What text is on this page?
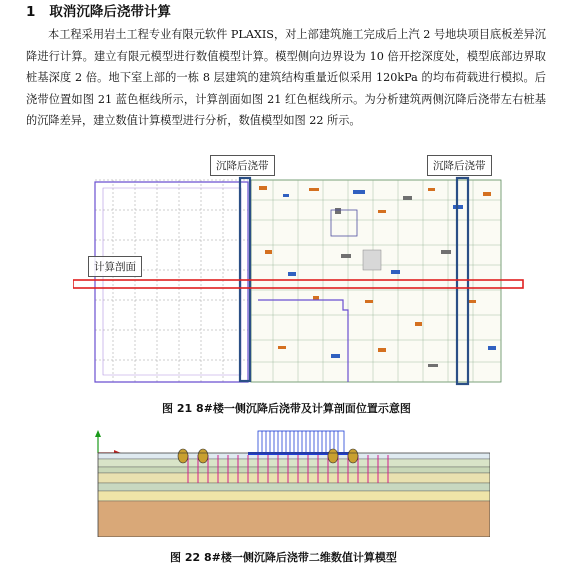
1 取消沉降后浇带计算
本工程采用岩土工程专业有限元软件 PLAXIS，对上部建筑施工完成后上汽 2 号地块项目底板差异沉降进行计算。建立有限元模型进行数值模型计算。模型侧向边界设为 10 倍开挖深度处，模型底部边界取桩基深度 2 倍。地下室上部的一栋 8 层建筑的建筑结构重量近似采用 120kPa 的均布荷载进行模拟。后浇带位置如图 21 蓝色框线所示，计算剖面如图 21 红色框线所示。为分析建筑两侧沉降后浇带左右桩基的沉降差异，建立数值计算模型进行分析，数值模型如图 22 所示。
沉降后浇带	沉降后浇带
计算剖面
图 21 8#楼一侧沉降后浇带及计算剖面位置示意图
图 22 8#楼一侧沉降后浇带二维数值计算模型
